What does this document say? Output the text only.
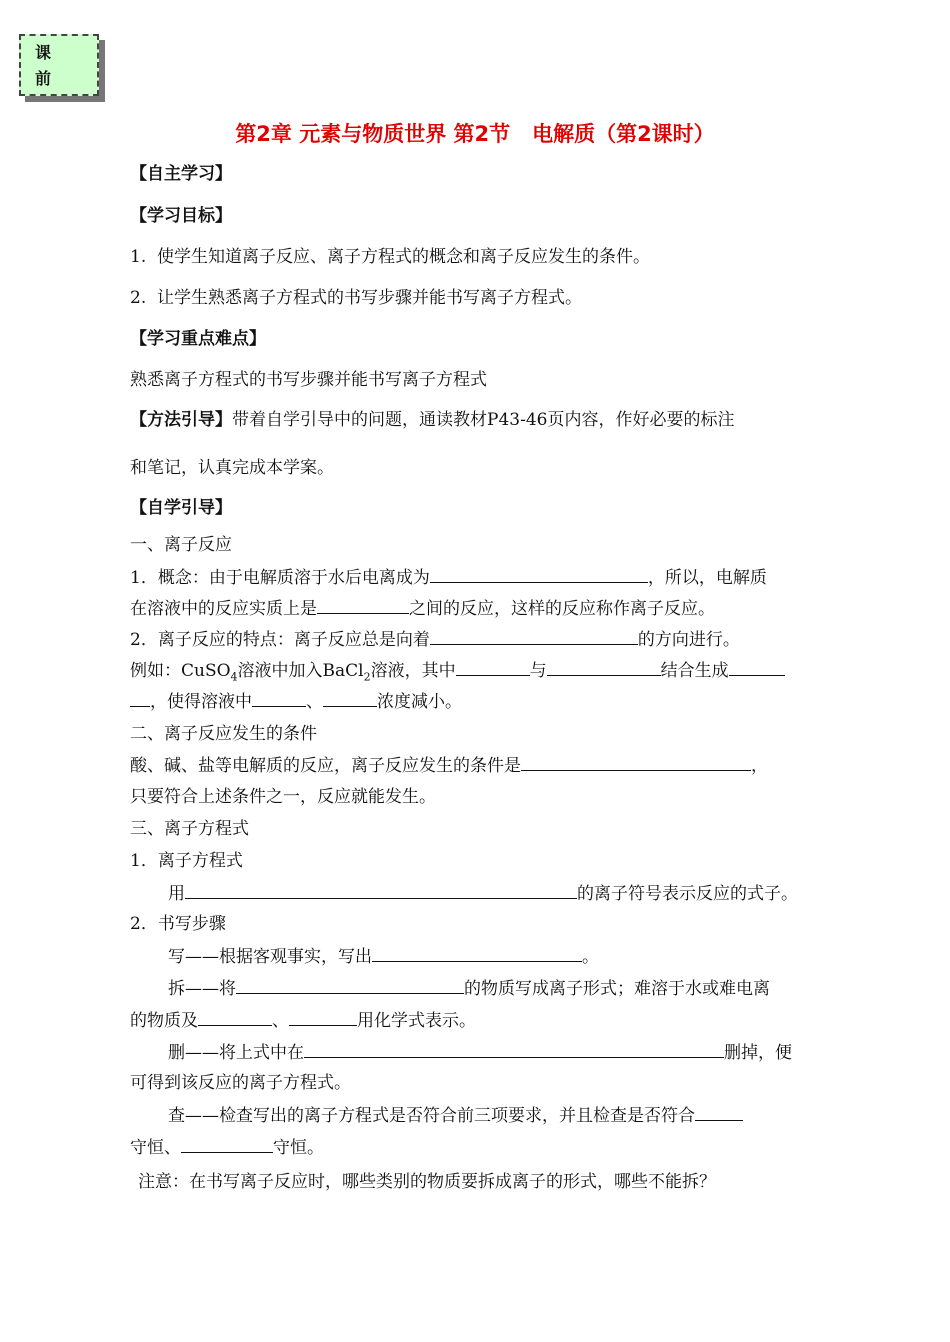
课
前
第2章 元素与物质世界 第2节   电解质（第2课时）
【自主学习】
【学习目标】
1.  使学生知道离子反应、离子方程式的概念和离子反应发生的条件。
2.  让学生熟悉离子方程式的书写步骤并能书写离子方程式。
【学习重点难点】
熟悉离子方程式的书写步骤并能书写离子方程式
【方法引导】带着自学引导中的问题，通读教材P43-46页内容，作好必要的标注
和笔记，认真完成本学案。
【自学引导】
一、离子反应
1．概念：由于电解质溶于水后电离成为	，所以，电解质
在溶液中的反应实质上是	之间的反应，这样的反应称作离子反应。
2．离子反应的特点：离子反应总是向着	的方向进行。
例如：CuSO$_4$溶液中加入BaCl$_2$溶液，其中	与	结合生成
，使得溶液中	、	浓度减小。
二、离子反应发生的条件
酸、碱、盐等电解质的反应，离子反应发生的条件是	，
只要符合上述条件之一，反应就能发生。
三、离子方程式
1．离子方程式
用	的离子符号表示反应的式子。
2．书写步骤
写——根据客观事实，写出	。
拆——将	的物质写成离子形式；难溶于水或难电离
的物质及	、	用化学式表示。
删——将上式中在	删掉，便
可得到该反应的离子方程式。
查——检查写出的离子方程式是否符合前三项要求，并且检查是否符合
守恒、	守恒。
注意：在书写离子反应时，哪些类别的物质要拆成离子的形式，哪些不能拆？
